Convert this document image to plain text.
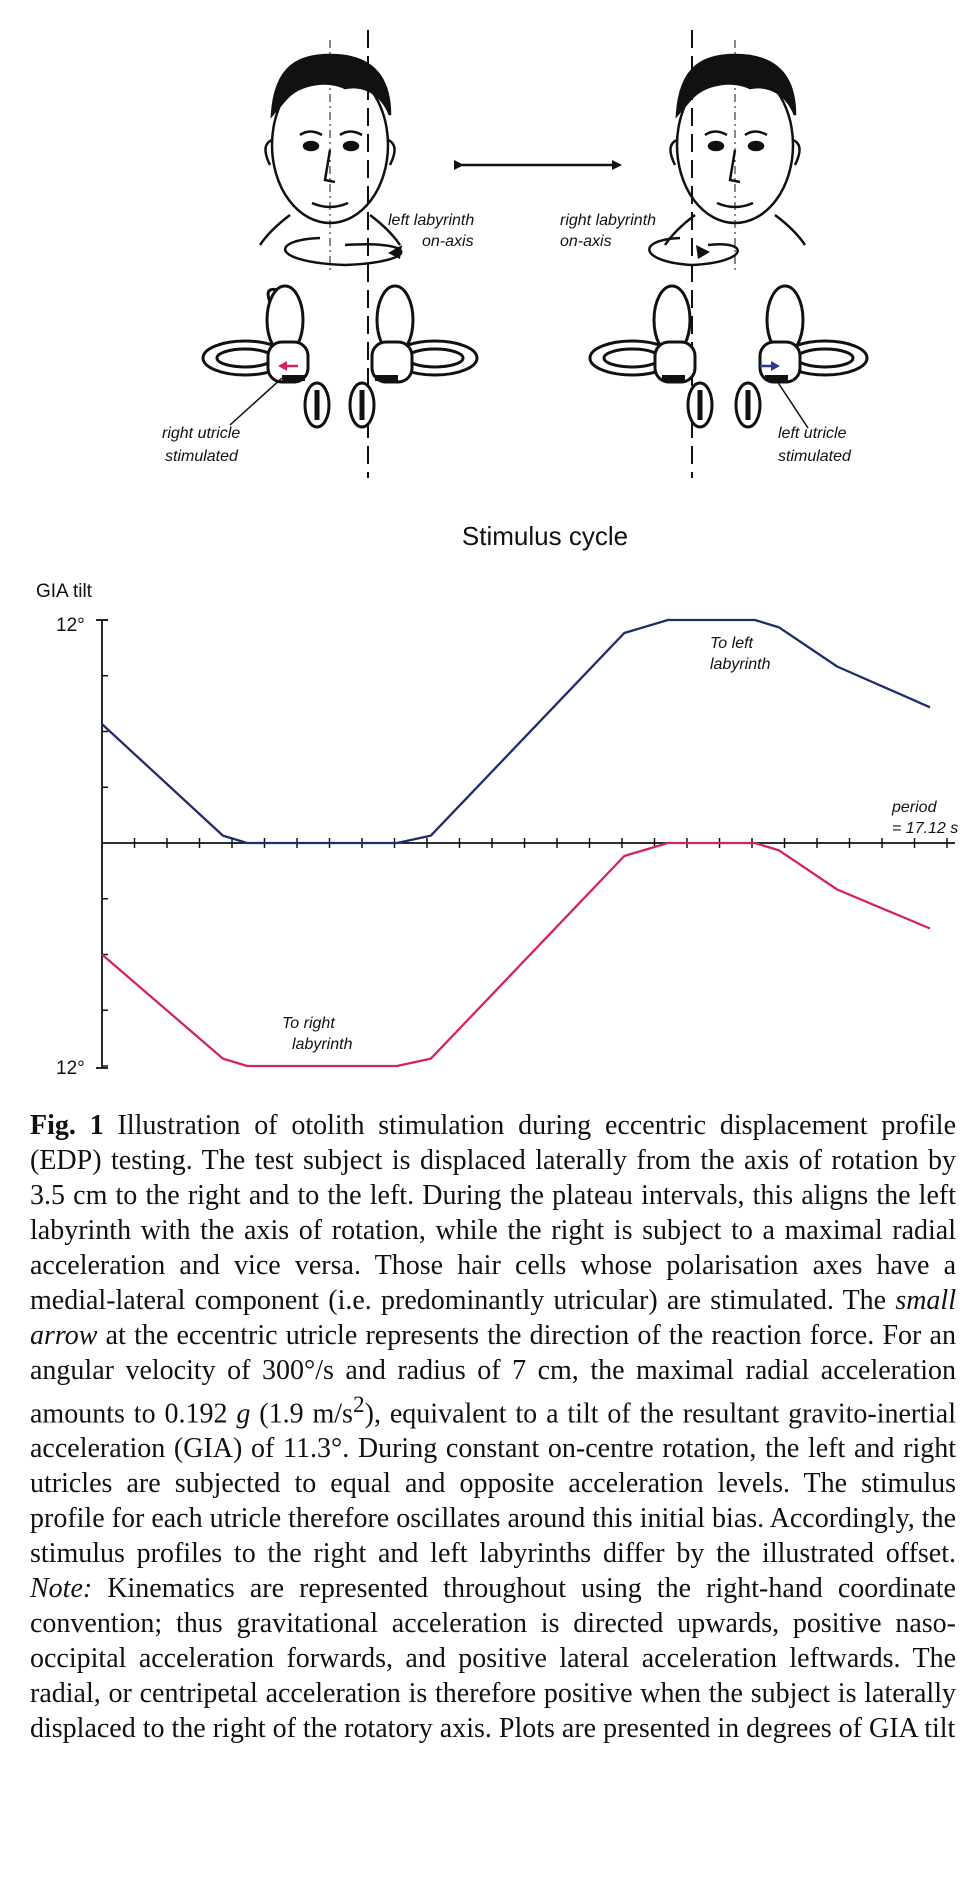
left labyrinth
on-axis
right utricle
stimulated
right labyrinth
on-axis
left utricle
stimulated
Stimulus cycle
GIA tilt
12°
12°
To left
labyrinth
To right
labyrinth
period
= 17.12 s

Fig. 1 Illustration of otolith stimulation during eccentric displacement profile (EDP) testing. The test subject is displaced laterally from the axis of rotation by 3.5 cm to the right and to the left. During the plateau intervals, this aligns the left labyrinth with the axis of rotation, while the right is subject to a maximal radial acceleration and vice versa. Those hair cells whose polarisation axes have a medial-lateral component (i.e. predominantly utricular) are stimulated. The small arrow at the eccentric utricle represents the direction of the reaction force. For an angular velocity of 300°/s and radius of 7 cm, the maximal radial acceleration amounts to 0.192 g (1.9 $m/s^2$), equivalent to a tilt of the resultant gravito-inertial acceleration (GIA) of 11.3°. During constant on-centre rotation, the left and right utricles are subjected to equal and opposite acceleration levels. The stimulus profile for each utricle therefore oscillates around this initial bias. Accordingly, the stimulus profiles to the right and left labyrinths differ by the illustrated offset. Note: Kinematics are represented throughout using the right-hand coordinate convention; thus gravitational acceleration is directed upwards, positive naso-occipital acceleration forwards, and positive lateral acceleration leftwards. The radial, or centripetal acceleration is therefore positive when the subject is laterally displaced to the right of the rotatory axis. Plots are presented in degrees of GIA tilt
